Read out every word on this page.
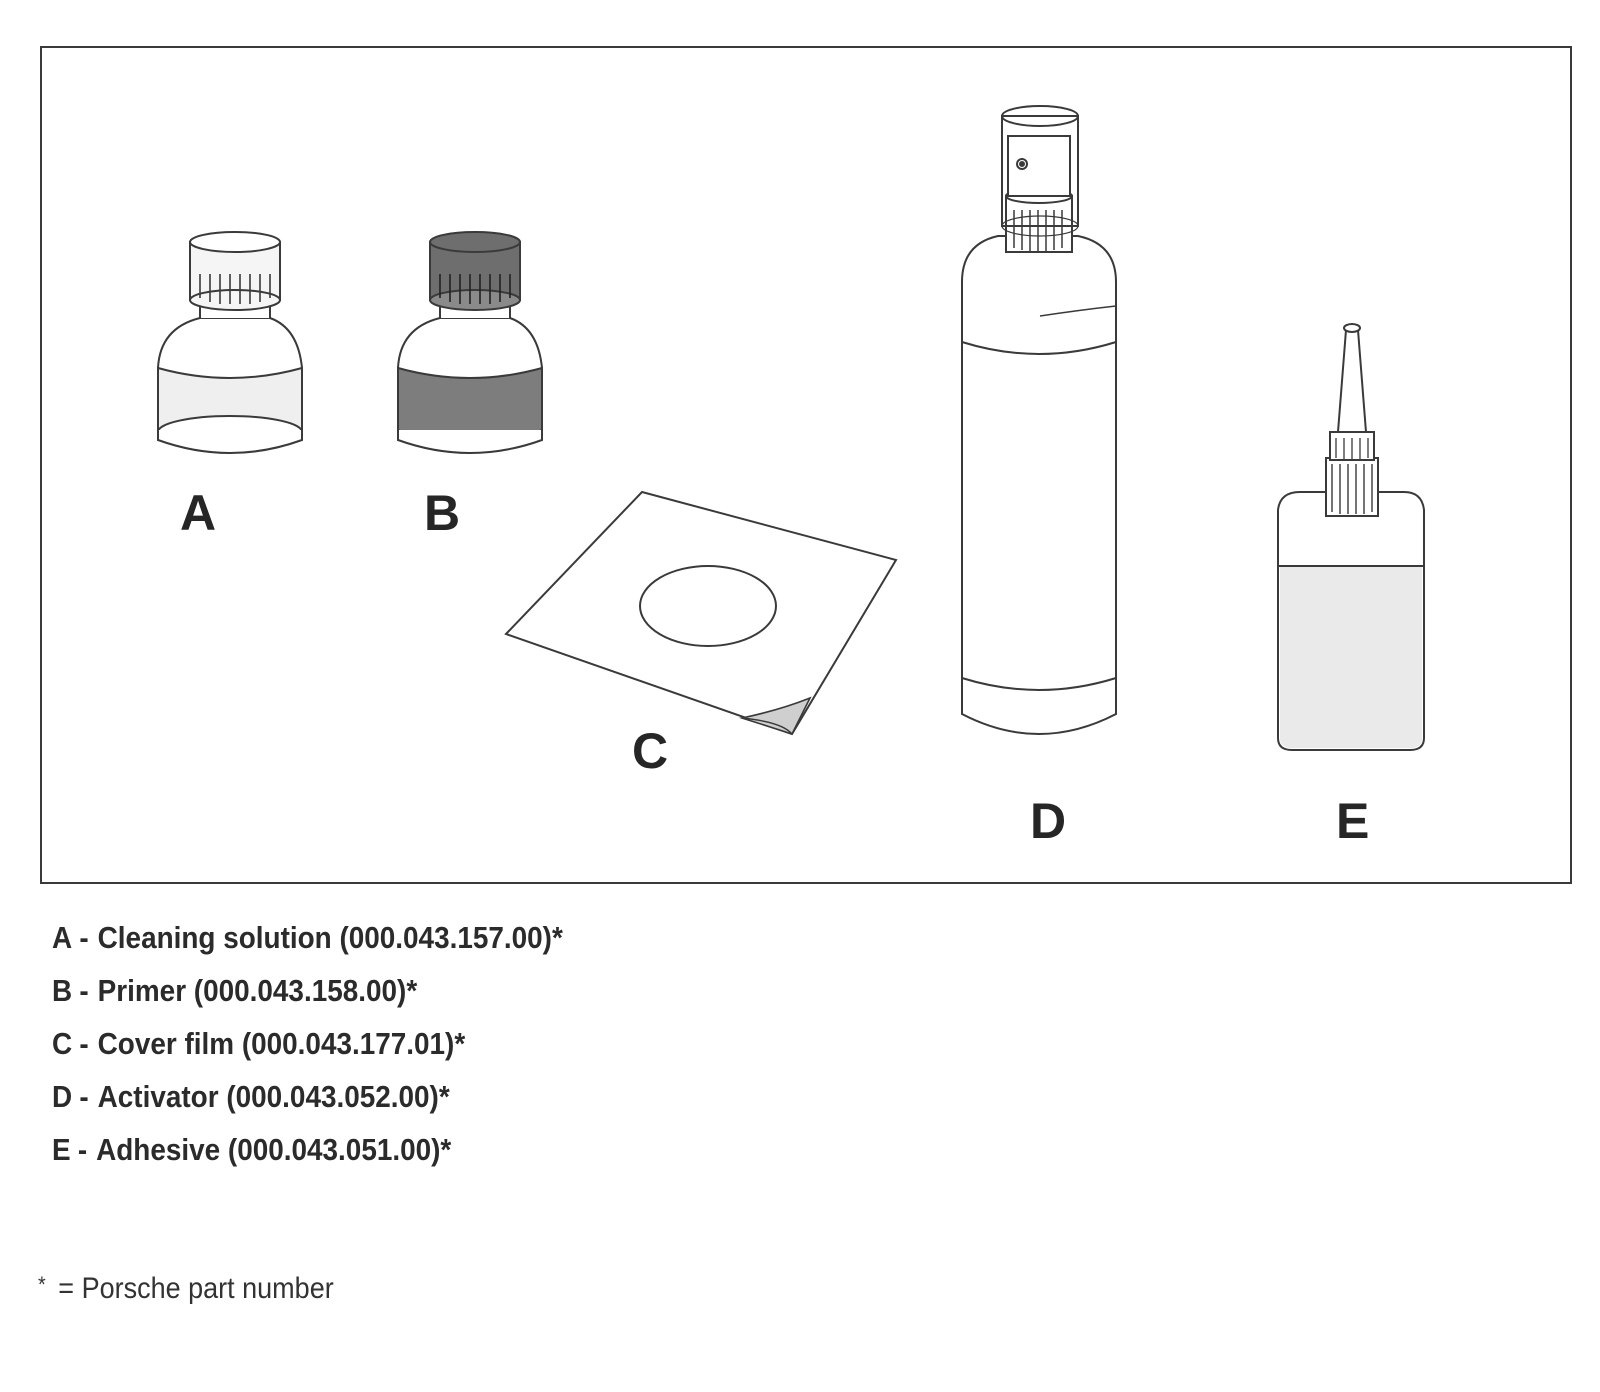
A	B
C
D	E
A - Cleaning solution (000.043.157.00)*
B - Primer (000.043.158.00)*
C - Cover film (000.043.177.01)*
D - Activator (000.043.052.00)*
E - Adhesive (000.043.051.00)*
* = Porsche part number
